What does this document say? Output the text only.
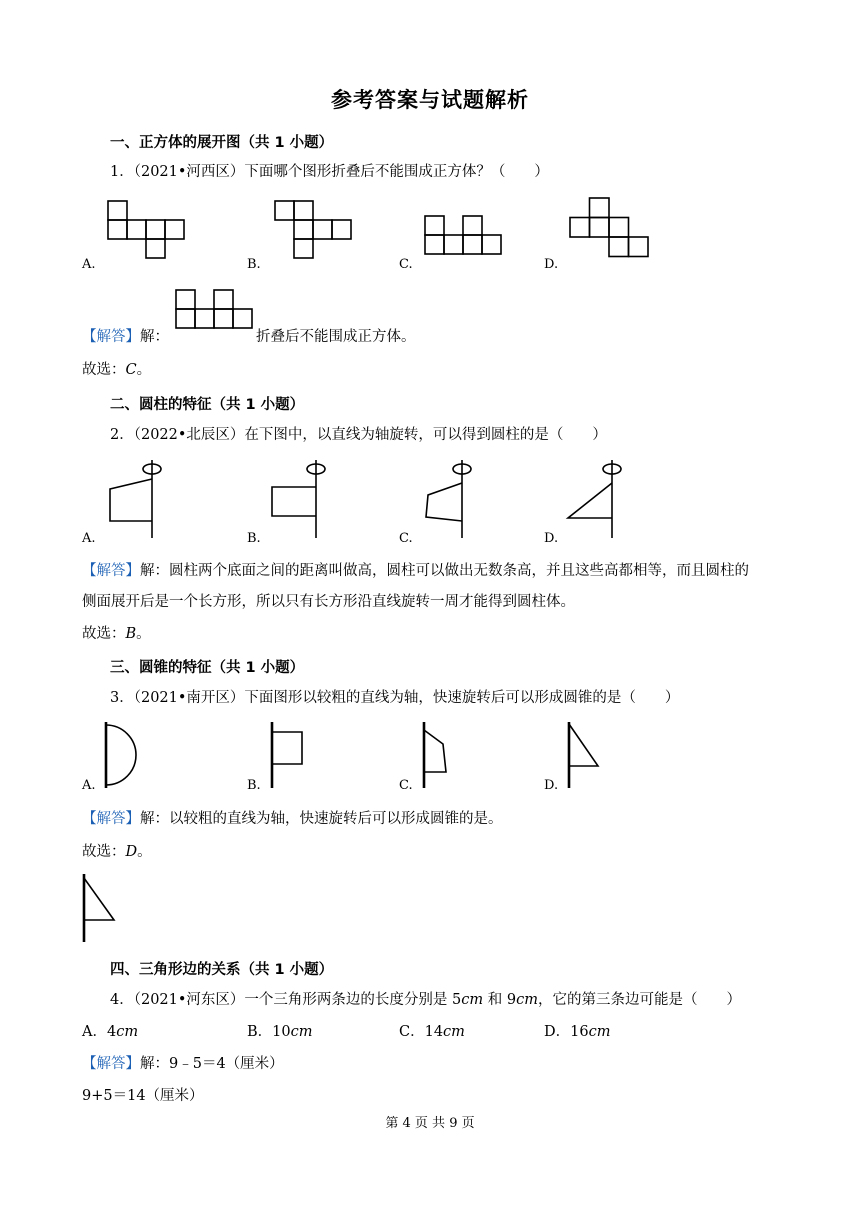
参考答案与试题解析
一、正方体的展开图（共 1 小题）
1．（2021•河西区）下面哪个图形折叠后不能围成正方体？（　　）
A.	B.	C.	D.
【解答】解：	折叠后不能围成正方体。
故选：C。
二、圆柱的特征（共 1 小题）
2．（2022•北辰区）在下图中，以直线为轴旋转，可以得到圆柱的是（　　）
A.	B.	C.	D.
【解答】解：圆柱两个底面之间的距离叫做高，圆柱可以做出无数条高，并且这些高都相等，而且圆柱的
侧面展开后是一个长方形，所以只有长方形沿直线旋转一周才能得到圆柱体。
故选：B。
三、圆锥的特征（共 1 小题）
3．（2021•南开区）下面图形以较粗的直线为轴，快速旋转后可以形成圆锥的是（　　）
A.	B.	C.	D.
【解答】解：以较粗的直线为轴，快速旋转后可以形成圆锥的是。
故选：D。
四、三角形边的关系（共 1 小题）
4．（2021•河东区）一个三角形两条边的长度分别是 5cm 和 9cm，它的第三条边可能是（　　）
A．4cm	B．10cm	C．14cm	D．16cm
【解答】解：9﹣5＝4（厘米）
9+5＝14（厘米）
第 4 页 共 9 页
